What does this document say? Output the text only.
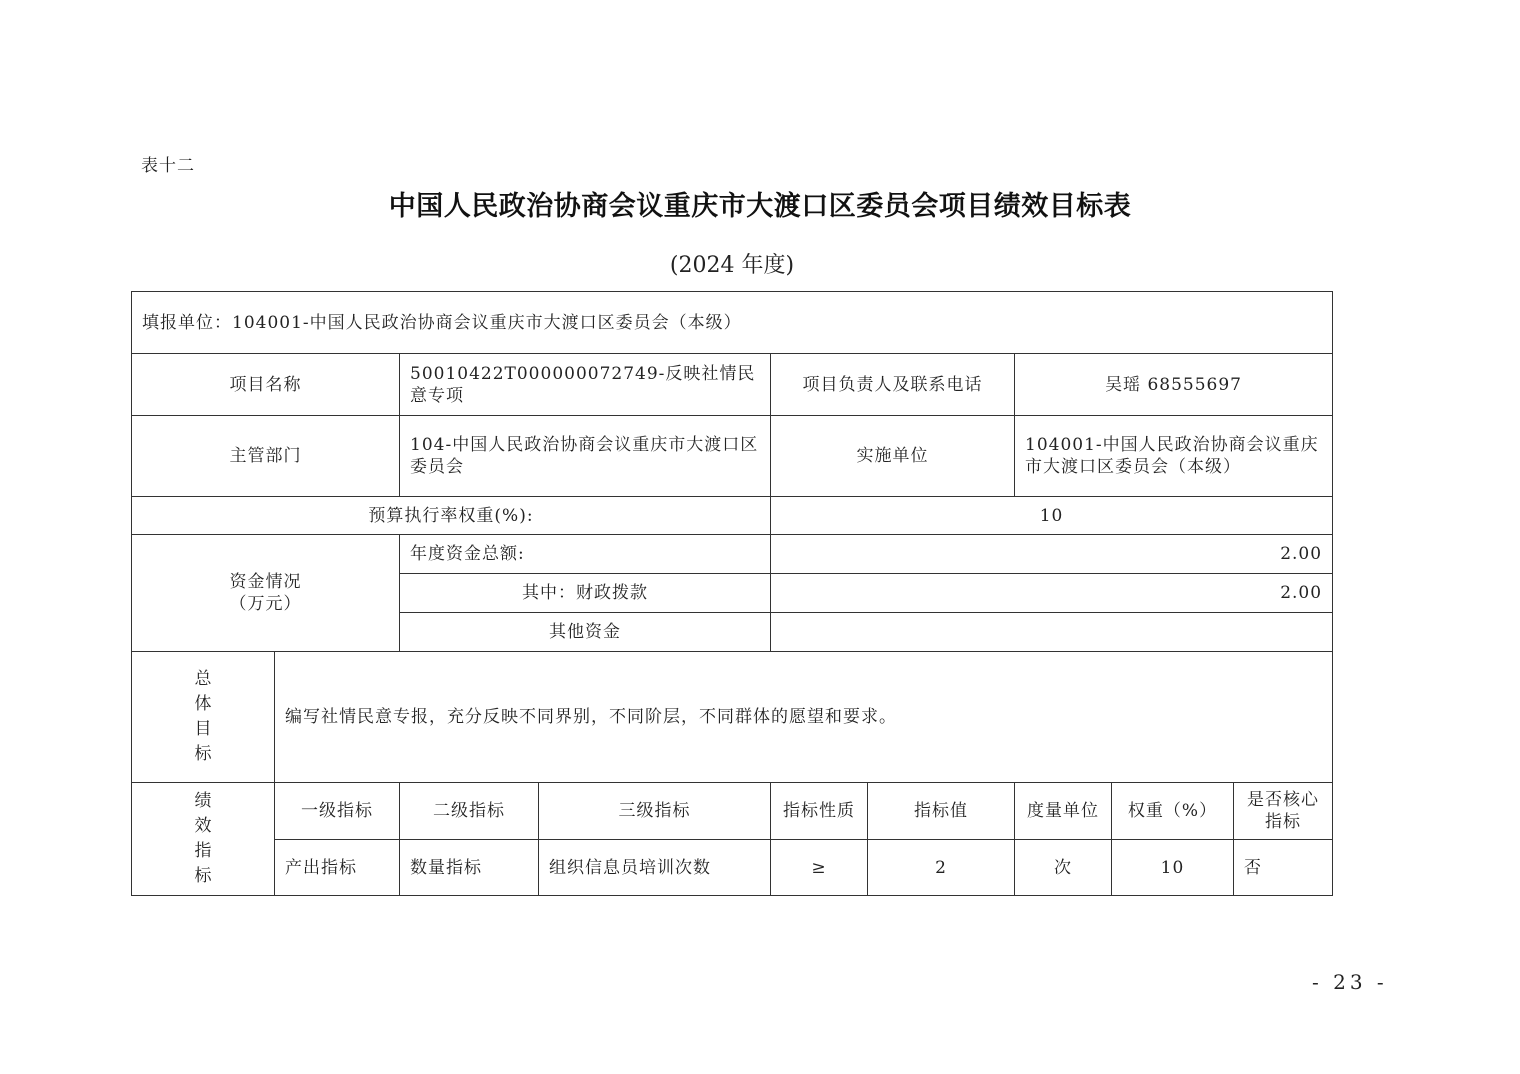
表十二
中国人民政治协商会议重庆市大渡口区委员会项目绩效目标表
(2024 年度)
填报单位：104001-中国人民政治协商会议重庆市大渡口区委员会（本级）								
项目名称		50010422T000000072749-反映社情民意专项		项目负责人及联系电话		吴瑶 68555697		
主管部门		104-中国人民政治协商会议重庆市大渡口区委员会		实施单位		104001-中国人民政治协商会议重庆市大渡口区委员会（本级）		
预算执行率权重(%):				10				

资金情况
（万元）		年度资金总额:		2.00				
		其中：财政拨款		2.00				
		其他资金						

总体目标	编写社情民意专报，充分反映不同界别，不同阶层，不同群体的愿望和要求。							

绩效指标	一级指标	二级指标	三级指标	指标性质	指标值	度量单位	权重（%）	是否核心指标
	产出指标	数量指标	组织信息员培训次数	≥	2	次	10	否
- 23 -
